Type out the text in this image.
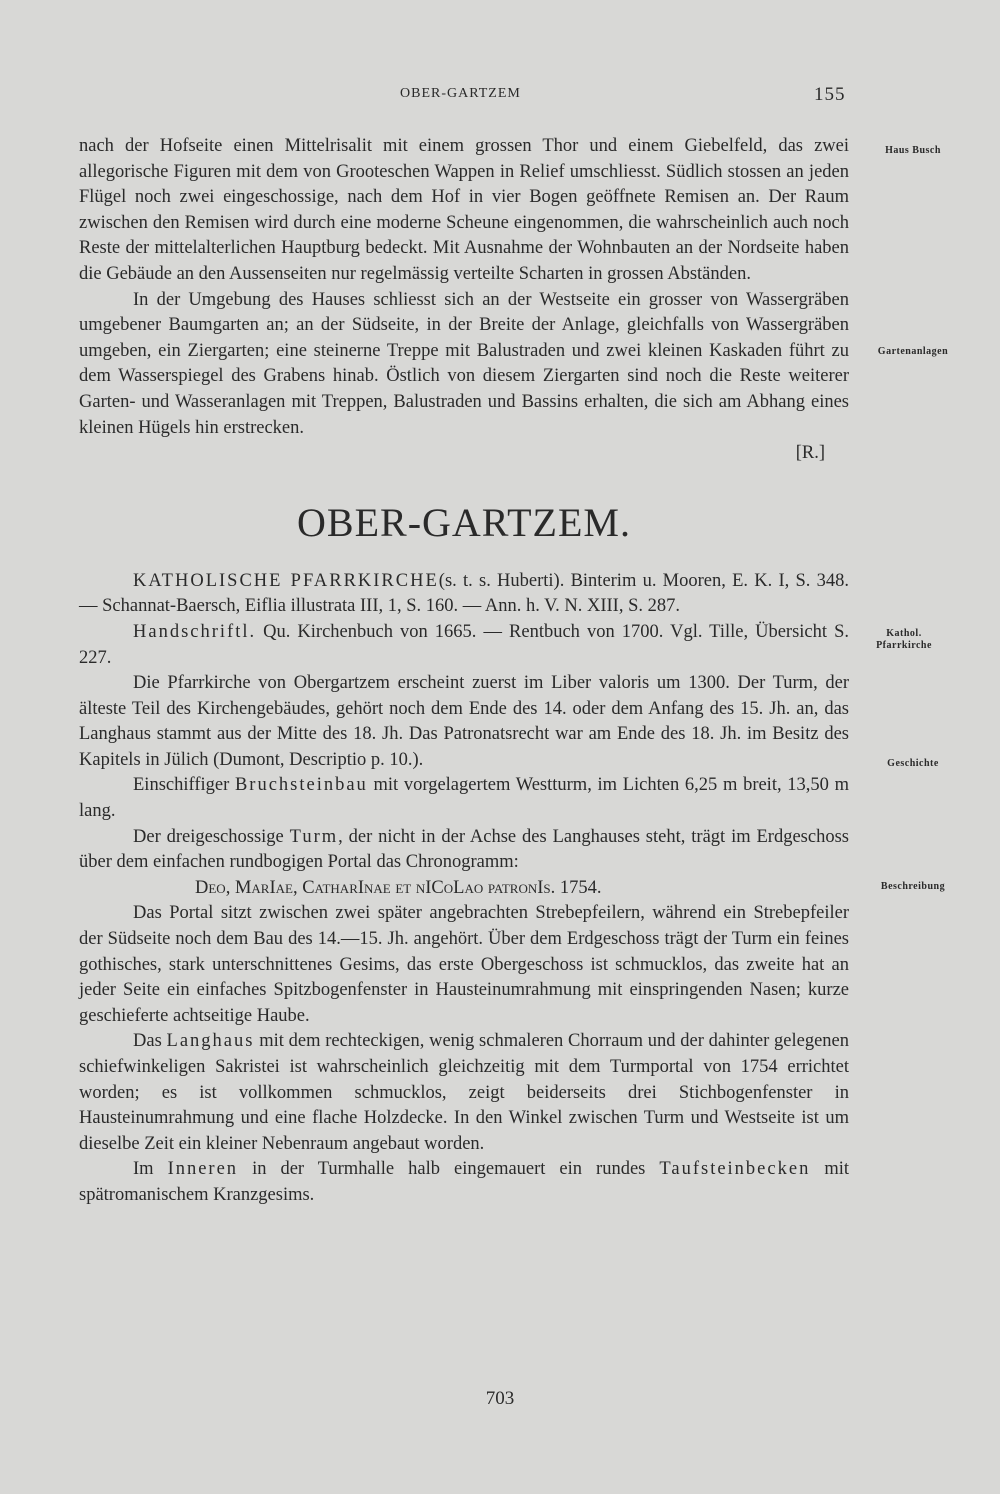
OBER-GARTZEM	155
Haus Busch
Gartenanlagen
Kathol. Pfarrkirche
Geschichte
Beschreibung

nach der Hofseite einen Mittelrisalit mit einem grossen Thor und einem Giebelfeld, das zwei allegorische Figuren mit dem von Grooteschen Wappen in Relief umschliesst. Südlich stossen an jeden Flügel noch zwei eingeschossige, nach dem Hof in vier Bogen geöffnete Remisen an. Der Raum zwischen den Remisen wird durch eine moderne Scheune eingenommen, die wahrscheinlich auch noch Reste der mittelalterlichen Hauptburg bedeckt. Mit Ausnahme der Wohnbauten an der Nordseite haben die Gebäude an den Aussenseiten nur regelmässig verteilte Scharten in grossen Abständen.

In der Umgebung des Hauses schliesst sich an der Westseite ein grosser von Wassergräben umgebener Baumgarten an; an der Südseite, in der Breite der Anlage, gleichfalls von Wassergräben umgeben, ein Ziergarten; eine steinerne Treppe mit Balustraden und zwei kleinen Kaskaden führt zu dem Wasserspiegel des Grabens hinab. Östlich von diesem Ziergarten sind noch die Reste weiterer Garten- und Wasseranlagen mit Treppen, Balustraden und Bassins erhalten, die sich am Abhang eines kleinen Hügels hin erstrecken.

[R.]

OBER-GARTZEM.

KATHOLISCHE PFARRKIRCHE(s. t. s. Huberti). Binterim u. Mooren, E. K. I, S. 348. — Schannat-Baersch, Eiflia illustrata III, 1, S. 160. — Ann. h. V. N. XIII, S. 287.

Handschriftl. Qu. Kirchenbuch von 1665. — Rentbuch von 1700. Vgl. Tille, Übersicht S. 227.

Die Pfarrkirche von Obergartzem erscheint zuerst im Liber valoris um 1300. Der Turm, der älteste Teil des Kirchengebäudes, gehört noch dem Ende des 14. oder dem Anfang des 15. Jh. an, das Langhaus stammt aus der Mitte des 18. Jh. Das Patronatsrecht war am Ende des 18. Jh. im Besitz des Kapitels in Jülich (Dumont, Descriptio p. 10.).

Einschiffiger Bruchsteinbau mit vorgelagertem Westturm, im Lichten 6,25 m breit, 13,50 m lang.

Der dreigeschossige Turm, der nicht in der Achse des Langhauses steht, trägt im Erdgeschoss über dem einfachen rundbogigen Portal das Chronogramm:

Deo, MarIae, CatharInae et nICoLao patronIs. 1754.

Das Portal sitzt zwischen zwei später angebrachten Strebepfeilern, während ein Strebepfeiler der Südseite noch dem Bau des 14.—15. Jh. angehört. Über dem Erdgeschoss trägt der Turm ein feines gothisches, stark unterschnittenes Gesims, das erste Obergeschoss ist schmucklos, das zweite hat an jeder Seite ein einfaches Spitzbogenfenster in Hausteinumrahmung mit einspringenden Nasen; kurze geschieferte achtseitige Haube.

Das Langhaus mit dem rechteckigen, wenig schmaleren Chorraum und der dahinter gelegenen schiefwinkeligen Sakristei ist wahrscheinlich gleichzeitig mit dem Turmportal von 1754 errichtet worden; es ist vollkommen schmucklos, zeigt beiderseits drei Stichbogenfenster in Hausteinumrahmung und eine flache Holzdecke. In den Winkel zwischen Turm und Westseite ist um dieselbe Zeit ein kleiner Nebenraum angebaut worden.

Im Inneren in der Turmhalle halb eingemauert ein rundes Taufsteinbecken mit spätromanischem Kranzgesims.

703
